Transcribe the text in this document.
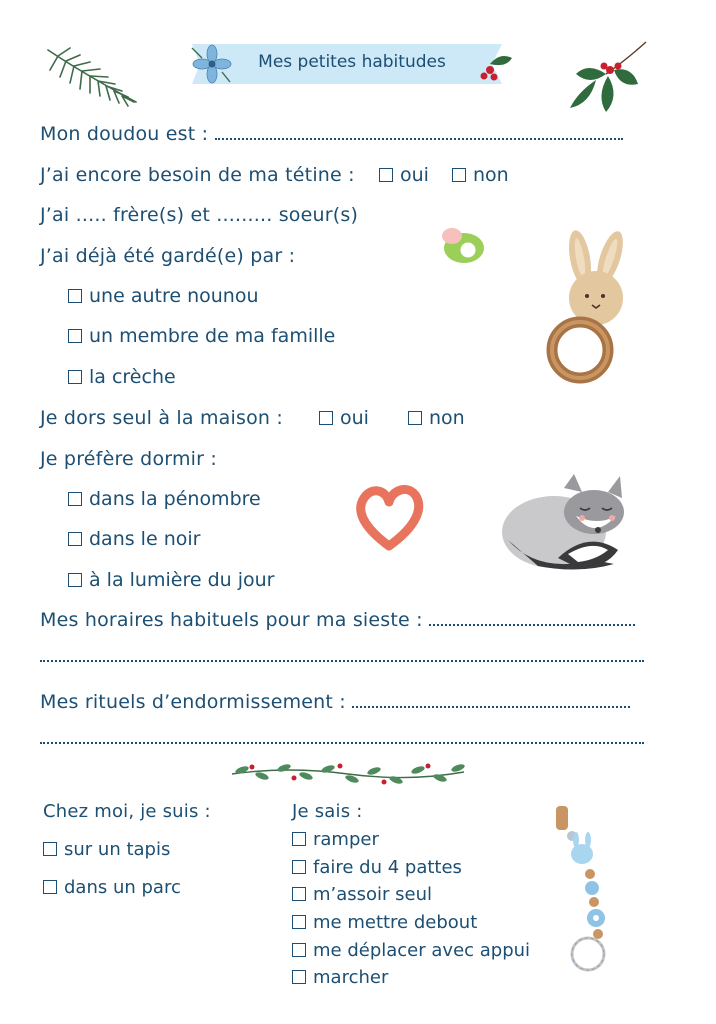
Mes petites habitudes
Mon doudou est :
J’ai encore besoin de ma tétine :	oui	non
J’ai ..... frère(s) et ......... soeur(s)
J’ai déjà été gardé(e) par :
une autre nounou
un membre de ma famille
la crèche
Je dors seul à la maison :	oui	non
Je préfère dormir :
dans la pénombre
dans le noir
à la lumière du jour
Mes horaires habituels pour ma sieste :
Mes rituels d’endormissement :
Chez moi, je suis :
sur un tapis
dans un parc
Je sais :
ramper
faire du 4 pattes
m’assoir seul
me mettre debout
me déplacer avec appui
marcher
